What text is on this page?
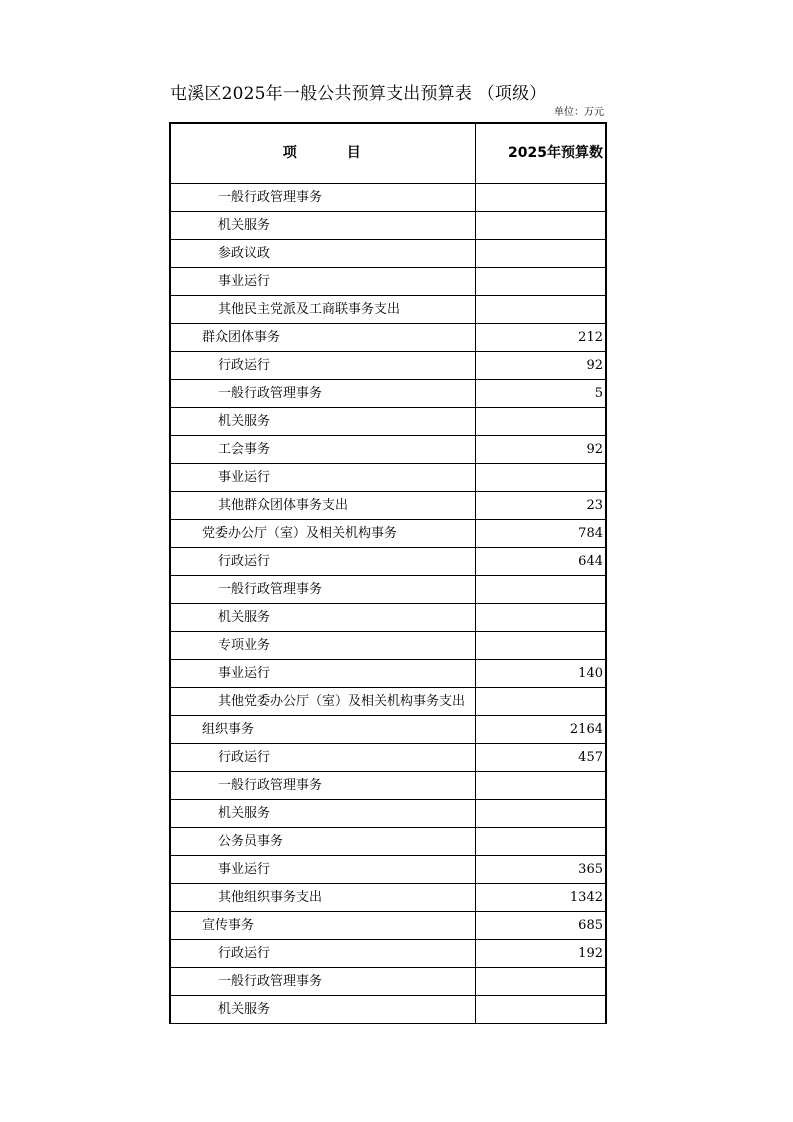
屯溪区2025年一般公共预算支出预算表 （项级）
单位：万元
项　　　目	2025年预算数
一般行政管理事务	
机关服务	
参政议政	
事业运行	
其他民主党派及工商联事务支出	
群众团体事务	212
行政运行	92
一般行政管理事务	5
机关服务	
工会事务	92
事业运行	
其他群众团体事务支出	23
党委办公厅（室）及相关机构事务	784
行政运行	644
一般行政管理事务	
机关服务	
专项业务	
事业运行	140
其他党委办公厅（室）及相关机构事务支出	
组织事务	2164
行政运行	457
一般行政管理事务	
机关服务	
公务员事务	
事业运行	365
其他组织事务支出	1342
宣传事务	685
行政运行	192
一般行政管理事务	
机关服务	
